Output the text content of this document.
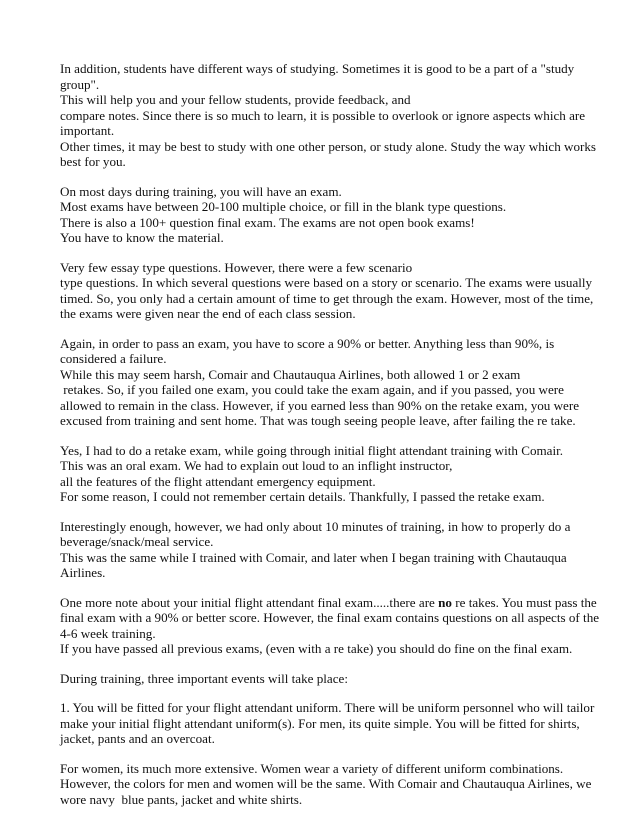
In addition, students have different ways of studying. Sometimes it is good to be a part of a "study
group".
This will help you and your fellow students, provide feedback, and
compare notes. Since there is so much to learn, it is possible to overlook or ignore aspects which are
important.
Other times, it may be best to study with one other person, or study alone. Study the way which works
best for you.

On most days during training, you will have an exam.
Most exams have between 20-100 multiple choice, or fill in the blank type questions.
There is also a 100+ question final exam. The exams are not open book exams!
You have to know the material.

Very few essay type questions. However, there were a few scenario
type questions. In which several questions were based on a story or scenario. The exams were usually
timed. So, you only had a certain amount of time to get through the exam. However, most of the time,
the exams were given near the end of each class session.

Again, in order to pass an exam, you have to score a 90% or better. Anything less than 90%, is
considered a failure.
While this may seem harsh, Comair and Chautauqua Airlines, both allowed 1 or 2 exam
retakes. So, if you failed one exam, you could take the exam again, and if you passed, you were
allowed to remain in the class. However, if you earned less than 90% on the retake exam, you were
excused from training and sent home. That was tough seeing people leave, after failing the re take.

Yes, I had to do a retake exam, while going through initial flight attendant training with Comair.
This was an oral exam. We had to explain out loud to an inflight instructor,
all the features of the flight attendant emergency equipment.
For some reason, I could not remember certain details. Thankfully, I passed the retake exam.

Interestingly enough, however, we had only about 10 minutes of training, in how to properly do a
beverage/snack/meal service.
This was the same while I trained with Comair, and later when I began training with Chautauqua
Airlines.

One more note about your initial flight attendant final exam.....there are no re takes. You must pass the
final exam with a 90% or better score. However, the final exam contains questions on all aspects of the
4-6 week training.
If you have passed all previous exams, (even with a re take) you should do fine on the final exam.

During training, three important events will take place:

1. You will be fitted for your flight attendant uniform. There will be uniform personnel who will tailor
make your initial flight attendant uniform(s). For men, its quite simple. You will be fitted for shirts,
jacket, pants and an overcoat.

For women, its much more extensive. Women wear a variety of different uniform combinations.
However, the colors for men and women will be the same. With Comair and Chautauqua Airlines, we
wore navy  blue pants, jacket and white shirts.
